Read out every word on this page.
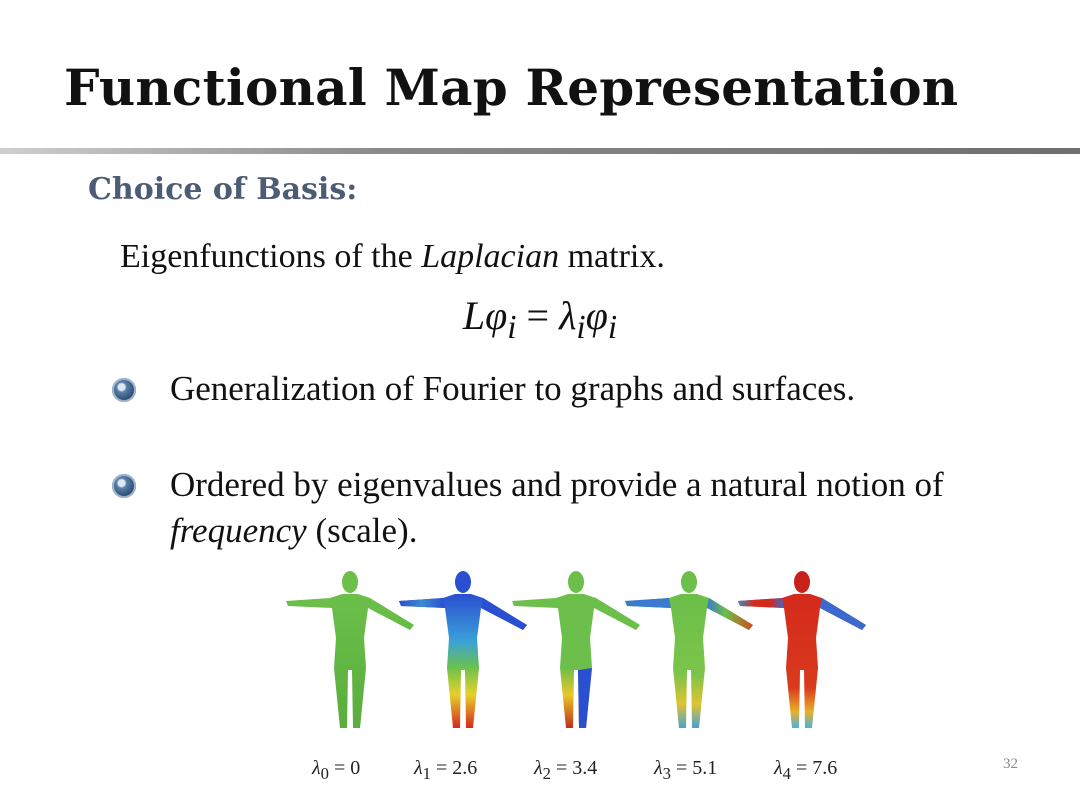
Functional Map Representation
Choice of Basis:
Eigenfunctions of the Laplacian matrix.
$L\varphi_i = \lambda_i\varphi_i$
Generalization of Fourier to graphs and surfaces.
Ordered by eigenvalues and provide a natural notion of frequency (scale).
$\lambda_0 = 0$	$\lambda_1 = 2.6$	$\lambda_2 = 3.4$	$\lambda_3 = 5.1$	$\lambda_4 = 7.6$	32
